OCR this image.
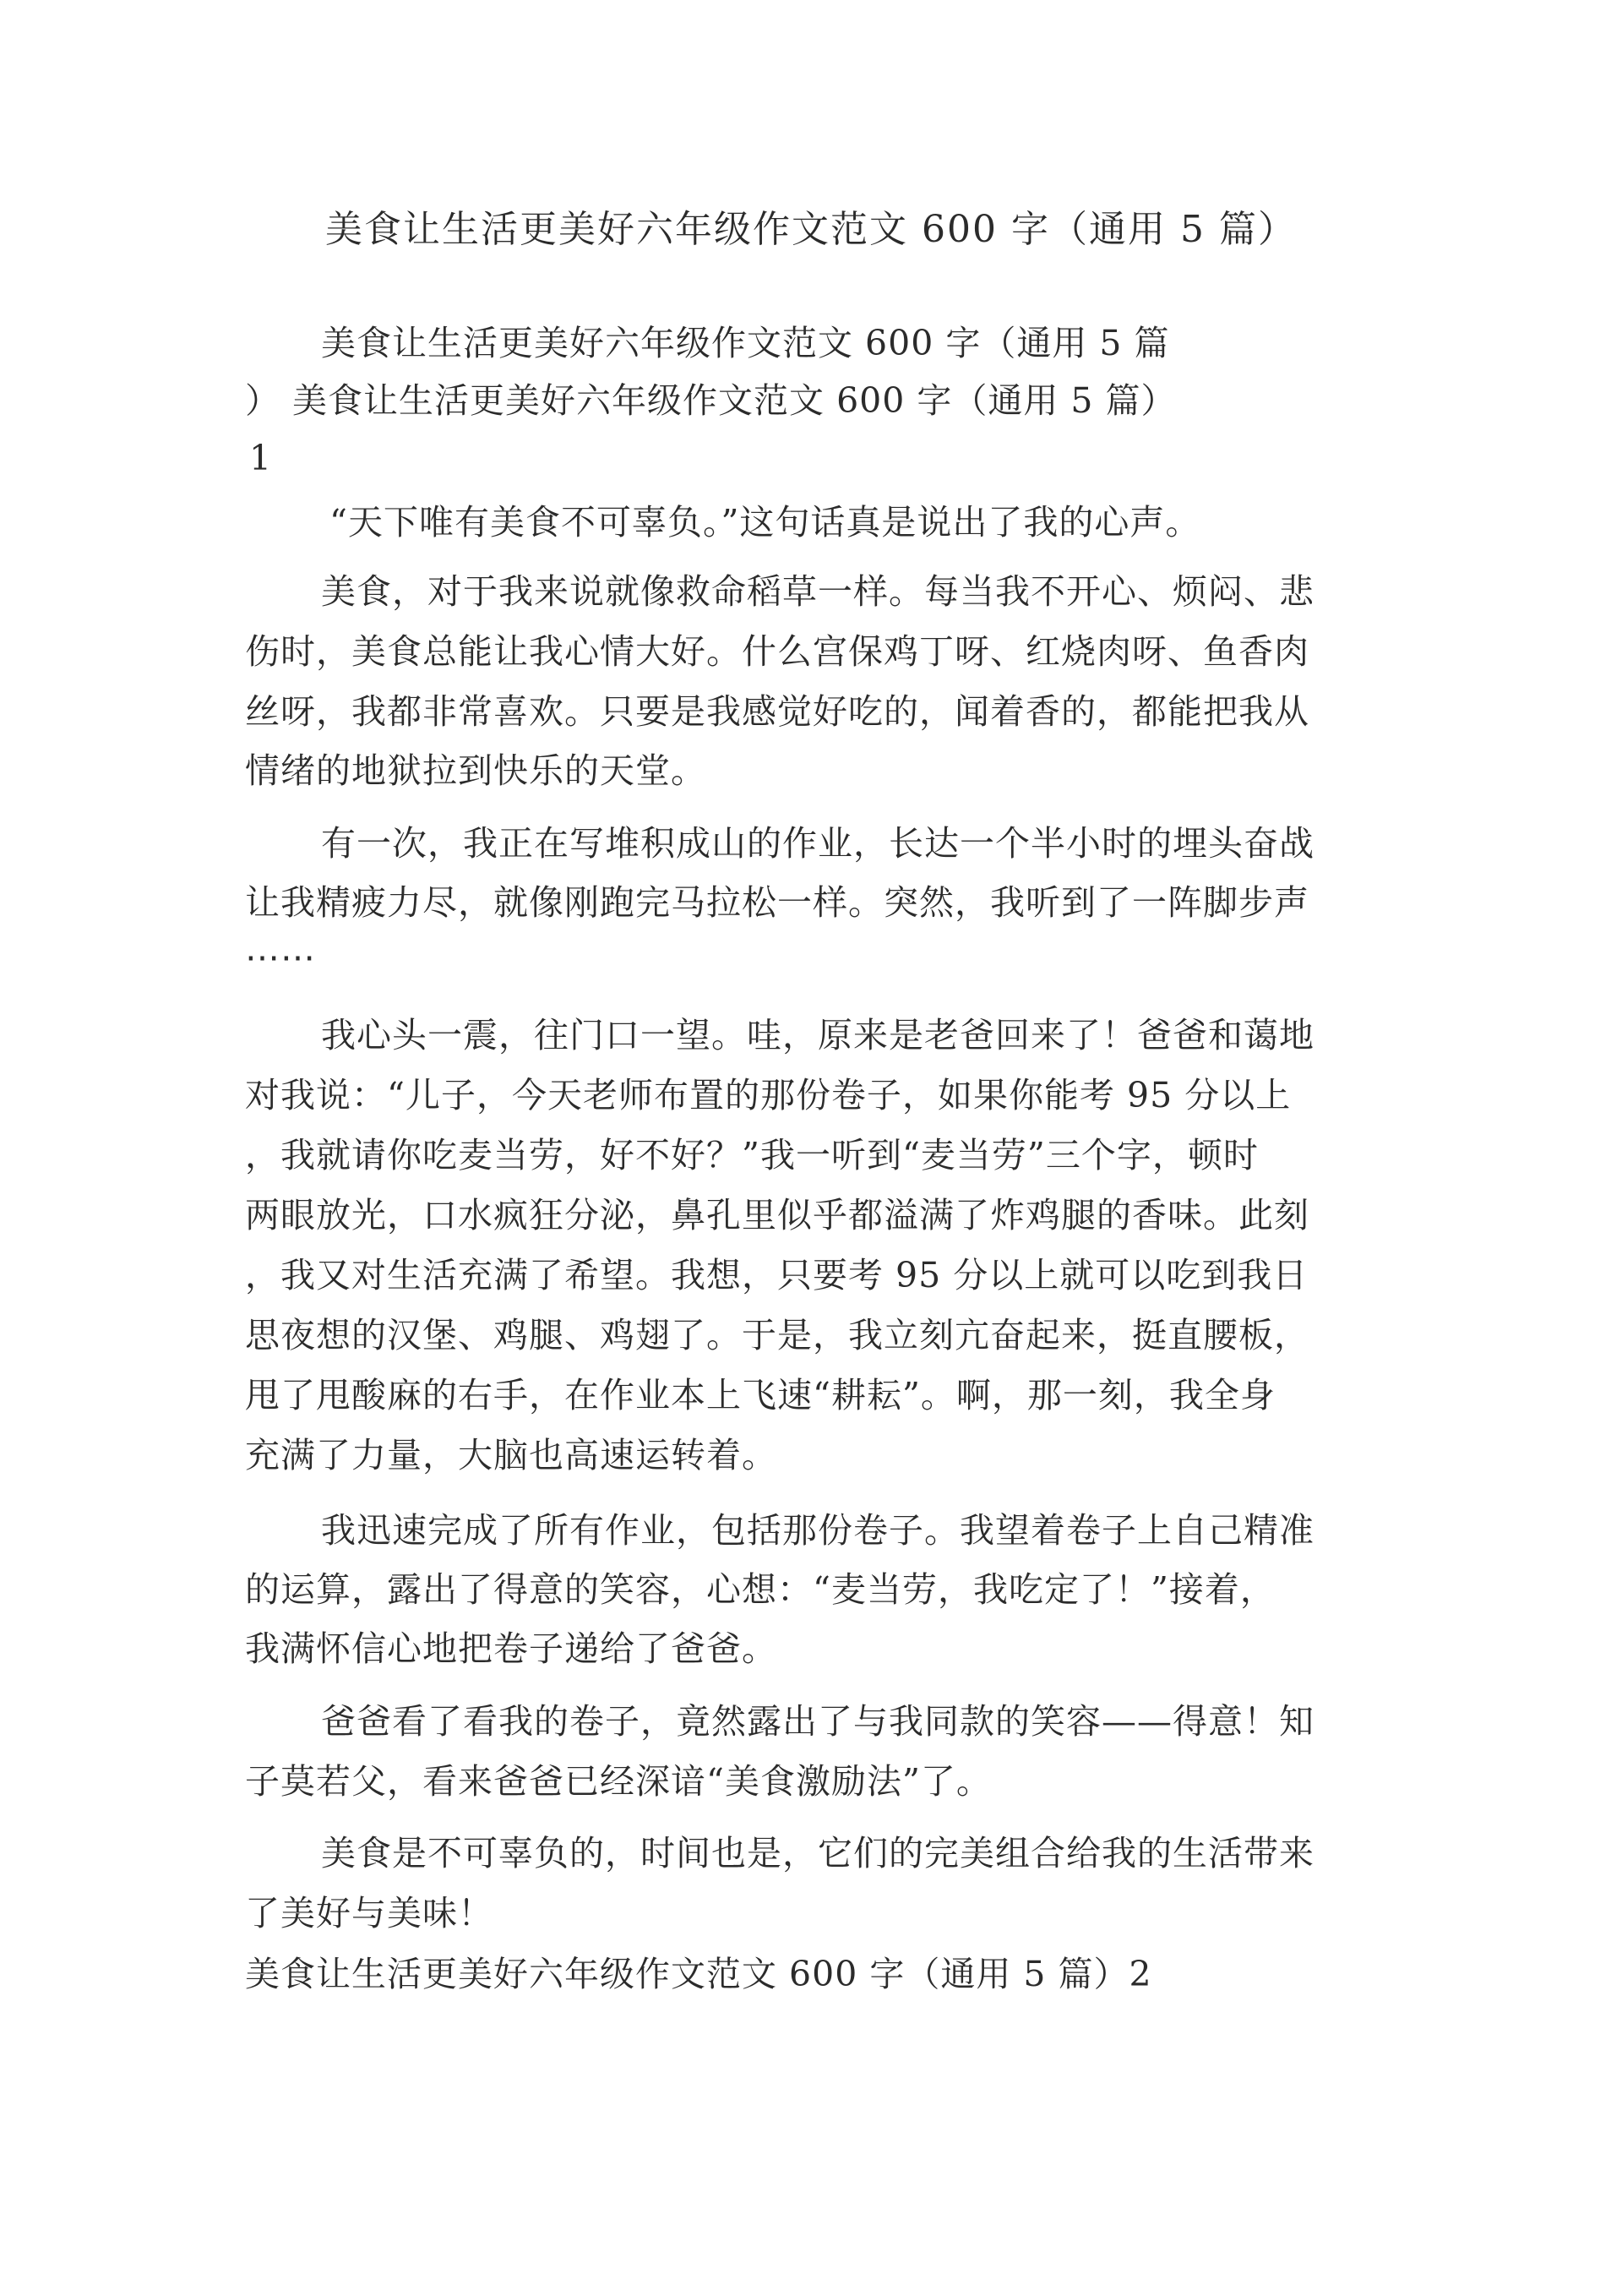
美食让生活更美好六年级作文范文 600 字（通用 5 篇）
美食让生活更美好六年级作文范文 600 字（通用 5 篇
） 美食让生活更美好六年级作文范文 600 字（通用 5 篇）
1
“天下唯有美食不可辜负。”这句话真是说出了我的心声。
美食，对于我来说就像救命稻草一样。每当我不开心、烦闷、悲
伤时，美食总能让我心情大好。什么宫保鸡丁呀、红烧肉呀、鱼香肉
丝呀，我都非常喜欢。只要是我感觉好吃的，闻着香的，都能把我从
情绪的地狱拉到快乐的天堂。
有一次，我正在写堆积成山的作业，长达一个半小时的埋头奋战
让我精疲力尽，就像刚跑完马拉松一样。突然，我听到了一阵脚步声
⋯⋯
我心头一震，往门口一望。哇，原来是老爸回来了！爸爸和蔼地
对我说：“儿子，今天老师布置的那份卷子，如果你能考 95 分以上
，我就请你吃麦当劳，好不好？”我一听到“麦当劳”三个字，顿时
两眼放光，口水疯狂分泌，鼻孔里似乎都溢满了炸鸡腿的香味。此刻
，我又对生活充满了希望。我想，只要考 95 分以上就可以吃到我日
思夜想的汉堡、鸡腿、鸡翅了。于是，我立刻亢奋起来，挺直腰板，
甩了甩酸麻的右手，在作业本上飞速“耕耘”。啊，那一刻，我全身
充满了力量，大脑也高速运转着。
我迅速完成了所有作业，包括那份卷子。我望着卷子上自己精准
的运算，露出了得意的笑容，心想：“麦当劳，我吃定了！”接着，
我满怀信心地把卷子递给了爸爸。
爸爸看了看我的卷子，竟然露出了与我同款的笑容——得意！知
子莫若父，看来爸爸已经深谙“美食激励法”了。
美食是不可辜负的，时间也是，它们的完美组合给我的生活带来
了美好与美味！
美食让生活更美好六年级作文范文 600 字（通用 5 篇）2
